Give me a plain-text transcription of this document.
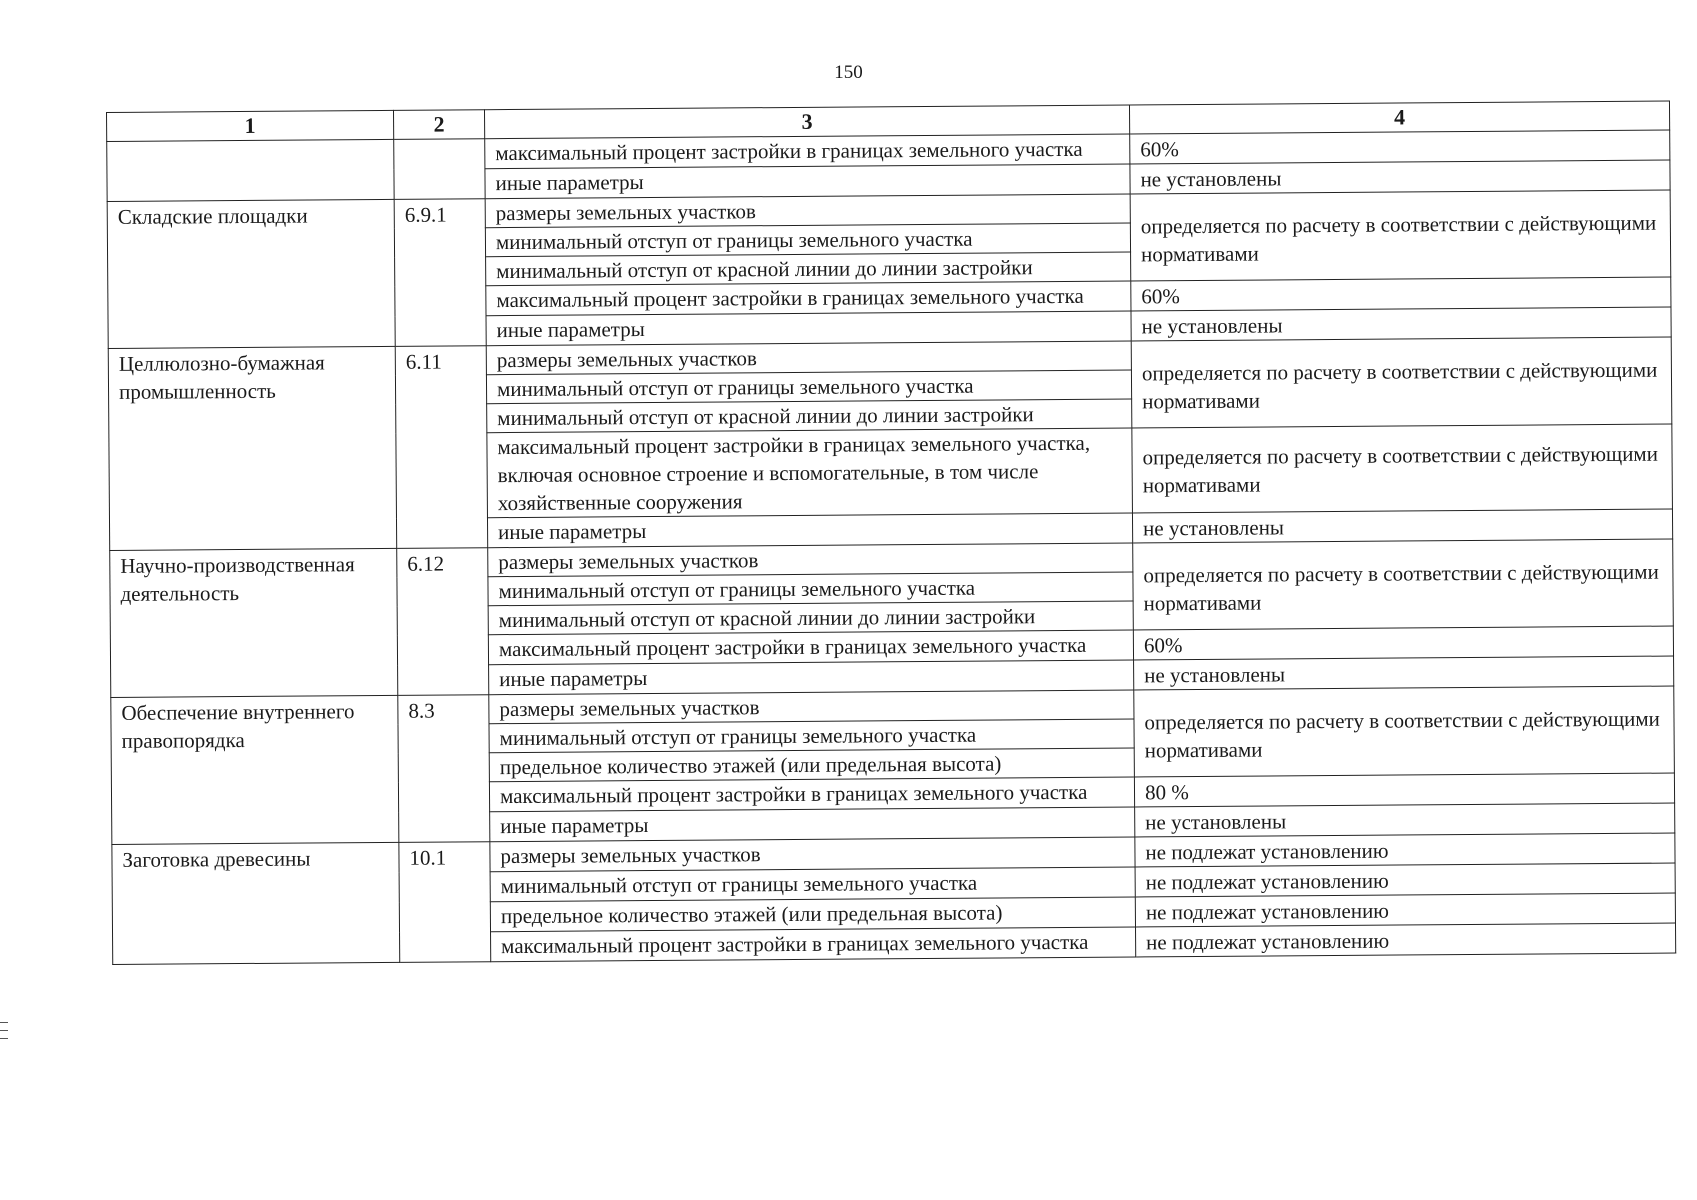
150
1	2	3	4
		максимальный процент застройки в границах земельного участка	60%
		иные параметры	не установлены
Складские площадки	6.9.1	размеры земельных участков	определяется по расчету в соответствии с действующими нормативами
		минимальный отступ от границы земельного участка	
		минимальный отступ от красной линии до линии застройки	
		максимальный процент застройки в границах земельного участка	60%
		иные параметры	не установлены
Целлюлозно-бумажная промышленность	6.11	размеры земельных участков	определяется по расчету в соответствии с действующими нормативами
		минимальный отступ от границы земельного участка	
		минимальный отступ от красной линии до линии застройки	
		максимальный процент застройки в границах земельного участка, включая основное строение и вспомогательные, в том числе хозяйственные сооружения	определяется по расчету в соответствии с действующими нормативами
		иные параметры	не установлены
Научно-производственная деятельность	6.12	размеры земельных участков	определяется по расчету в соответствии с действующими нормативами
		минимальный отступ от границы земельного участка	
		минимальный отступ от красной линии до линии застройки	
		максимальный процент застройки в границах земельного участка	60%
		иные параметры	не установлены
Обеспечение внутреннего правопорядка	8.3	размеры земельных участков	определяется по расчету в соответствии с действующими нормативами
		минимальный отступ от границы земельного участка	
		предельное количество этажей (или предельная высота)	
		максимальный процент застройки в границах земельного участка	80 %
		иные параметры	не установлены
Заготовка древесины	10.1	размеры земельных участков	не подлежат установлению
		минимальный отступ от границы земельного участка	не подлежат установлению
		предельное количество этажей (или предельная высота)	не подлежат установлению
		максимальный процент застройки в границах земельного участка	не подлежат установлению
